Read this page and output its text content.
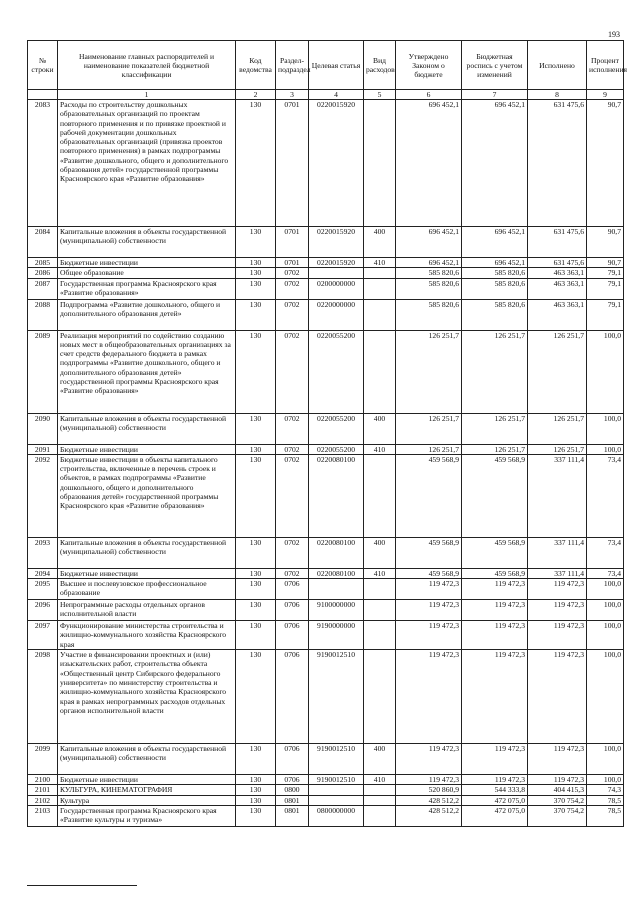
193
№ строки	Наименование главных распорядителей и наименование показателей бюджетной классификации	Код ведомства	Раздел-подраздел	Целевая статья	Вид расходов	Утверждено Законом о бюджете	Бюджетная роспись с учетом изменений	Исполнено	Процент исполнения
	1	2	3	4	5	6	7	8	9
2083	Расходы по строительству дошкольных образовательных организаций по проектам повторного применения и по привязке проектной и рабочей документации дошкольных образовательных организаций (привязка проектов повторного применения) в рамках подпрограммы «Развитие дошкольного, общего и дополнительного образования детей» государственной программы Красноярского края «Развитие образования»	130	0701	0220015920		696 452,1	696 452,1	631 475,6	90,7
2084	Капитальные вложения в объекты государственной (муниципальной) собственности	130	0701	0220015920	400	696 452,1	696 452,1	631 475,6	90,7
2085	Бюджетные инвестиции	130	0701	0220015920	410	696 452,1	696 452,1	631 475,6	90,7
2086	Общее образование	130	0702			585 820,6	585 820,6	463 363,1	79,1
2087	Государственная программа Красноярского края «Развитие образования»	130	0702	0200000000		585 820,6	585 820,6	463 363,1	79,1
2088	Подпрограмма «Развитие дошкольного, общего и дополнительного образования детей»	130	0702	0220000000		585 820,6	585 820,6	463 363,1	79,1
2089	Реализация мероприятий по содействию созданию новых мест в общеобразовательных организациях за счет средств федерального бюджета в рамках подпрограммы «Развитие дошкольного, общего и дополнительного образования детей» государственной программы Красноярского края «Развитие образования»	130	0702	0220055200		126 251,7	126 251,7	126 251,7	100,0
2090	Капитальные вложения в объекты государственной (муниципальной) собственности	130	0702	0220055200	400	126 251,7	126 251,7	126 251,7	100,0
2091	Бюджетные инвестиции	130	0702	0220055200	410	126 251,7	126 251,7	126 251,7	100,0
2092	Бюджетные инвестиции в объекты капитального строительства, включенные в перечень строек и объектов, в рамках подпрограммы «Развитие дошкольного, общего и дополнительного образования детей» государственной программы Красноярского края «Развитие образования»	130	0702	0220080100		459 568,9	459 568,9	337 111,4	73,4
2093	Капитальные вложения в объекты государственной (муниципальной) собственности	130	0702	0220080100	400	459 568,9	459 568,9	337 111,4	73,4
2094	Бюджетные инвестиции	130	0702	0220080100	410	459 568,9	459 568,9	337 111,4	73,4
2095	Высшее и послевузовское профессиональное образование	130	0706			119 472,3	119 472,3	119 472,3	100,0
2096	Непрограммные расходы отдельных органов исполнительной власти	130	0706	9100000000		119 472,3	119 472,3	119 472,3	100,0
2097	Функционирование министерства строительства и жилищно-коммунального хозяйства Красноярского края	130	0706	9190000000		119 472,3	119 472,3	119 472,3	100,0
2098	Участие в финансировании проектных и (или) изыскательских работ, строительства объекта «Общественный центр Сибирского федерального университета» по министерству строительства и жилищно-коммунального хозяйства Красноярского края в рамках непрограммных расходов отдельных органов исполнительной власти	130	0706	9190012510		119 472,3	119 472,3	119 472,3	100,0
2099	Капитальные вложения в объекты государственной (муниципальной) собственности	130	0706	9190012510	400	119 472,3	119 472,3	119 472,3	100,0
2100	Бюджетные инвестиции	130	0706	9190012510	410	119 472,3	119 472,3	119 472,3	100,0
2101	КУЛЬТУРА, КИНЕМАТОГРАФИЯ	130	0800			520 860,9	544 333,8	404 415,3	74,3
2102	Культура	130	0801			428 512,2	472 075,0	370 754,2	78,5
2103	Государственная программа Красноярского края «Развитие культуры и туризма»	130	0801	0800000000		428 512,2	472 075,0	370 754,2	78,5
